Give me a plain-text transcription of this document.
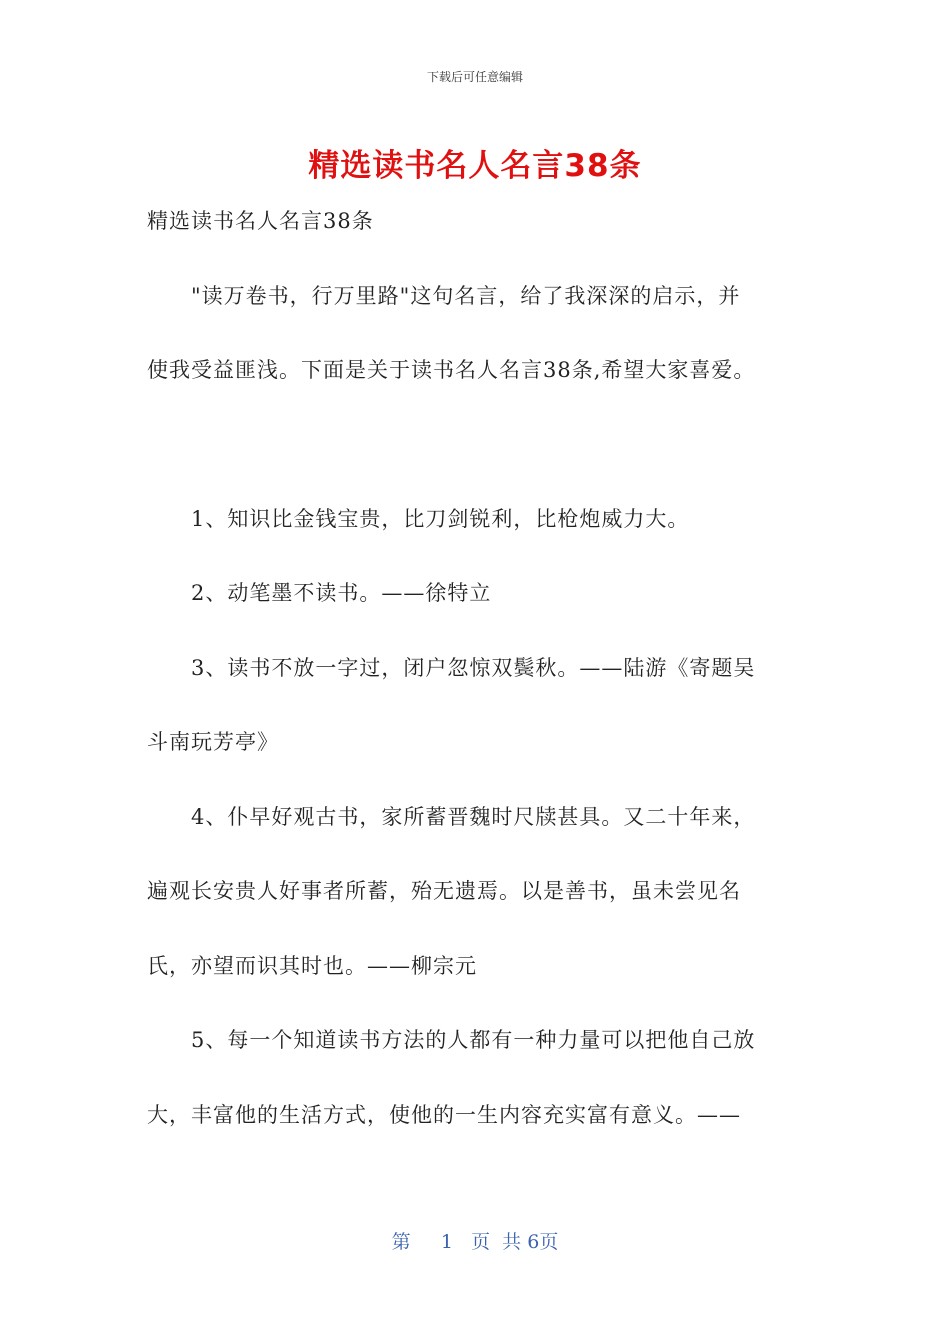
下载后可任意编辑
精选读书名人名言38条
精选读书名人名言38条
　　"读万卷书，行万里路"这句名言，给了我深深的启示，并
使我受益匪浅。下面是关于读书名人名言38条,希望大家喜爱。
　　1、知识比金钱宝贵，比刀剑锐利，比枪炮威力大。
　　2、动笔墨不读书。——徐特立
　　3、读书不放一字过，闭户忽惊双鬓秋。——陆游《寄题吴
斗南玩芳亭》
　　4、仆早好观古书，家所蓄晋魏时尺牍甚具。又二十年来，
遍观长安贵人好事者所蓄，殆无遗焉。以是善书，虽未尝见名
氏，亦望而识其时也。——柳宗元
　　5、每一个知道读书方法的人都有一种力量可以把他自己放
大，丰富他的生活方式，使他的一生内容充实富有意义。——
第 1 页  共 6页
